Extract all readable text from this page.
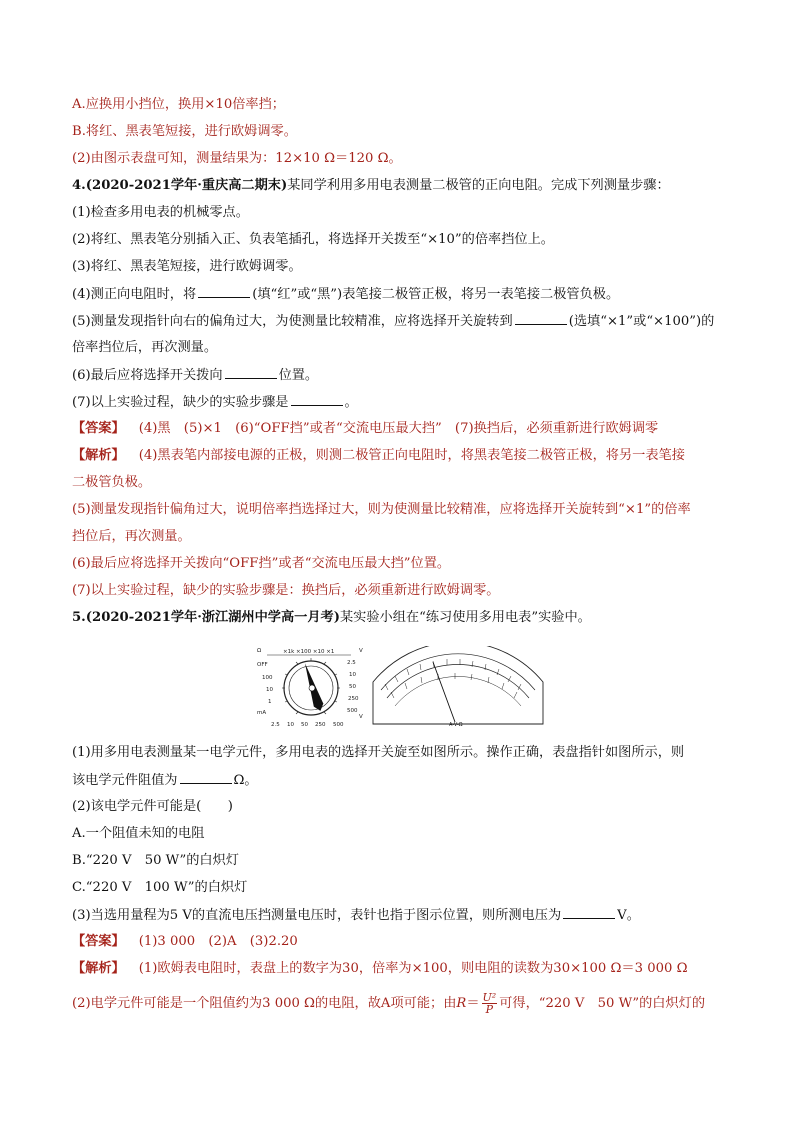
A.应换用小挡位，换用×10倍率挡；
B.将红、黑表笔短接，进行欧姆调零。
(2)由图示表盘可知，测量结果为：12×10 Ω＝120 Ω。
4.(2020-2021学年·重庆高二期末)某同学利用多用电表测量二极管的正向电阻。完成下列测量步骤：
(1)检查多用电表的机械零点。
(2)将红、黑表笔分别插入正、负表笔插孔，将选择开关拨至“×10”的倍率挡位上。
(3)将红、黑表笔短接，进行欧姆调零。
(4)测正向电阻时，将	(填“红”或“黑”)表笔接二极管正极，将另一表笔接二极管负极。
(5)测量发现指针向右的偏角过大，为使测量比较精准，应将选择开关旋转到	(选填“×1”或“×100”)的
倍率挡位后，再次测量。
(6)最后应将选择开关拨向	位置。
(7)以上实验过程，缺少的实验步骤是	。
【答案】 (4)黑　(5)×1　(6)“OFF挡”或者“交流电压最大挡”　(7)换挡后，必须重新进行欧姆调零
【解析】 (4)黑表笔内部接电源的正极，则测二极管正向电阻时，将黑表笔接二极管正极，将另一表笔接
二极管负极。
(5)测量发现指针偏角过大，说明倍率挡选择过大，则为使测量比较精准，应将选择开关旋转到“×1”的倍率
挡位后，再次测量。
(6)最后应将选择开关拨向“OFF挡”或者“交流电压最大挡”位置。
(7)以上实验过程，缺少的实验步骤是：换挡后，必须重新进行欧姆调零。
5.(2020-2021学年·浙江湖州中学高一月考)某实验小组在“练习使用多用电表”实验中。
Ω	×1k ×100 ×10 ×1	V
OFF
100
10
1
mA
2.5
10
50
250
500
V
2.5 10 50 250 500	A-V-Ω
(1)用多用电表测量某一电学元件，多用电表的选择开关旋至如图所示。操作正确，表盘指针如图所示，则
该电学元件阻值为	Ω。
(2)该电学元件可能是(　　)
A.一个阻值未知的电阻
B.“220 V　50 W”的白炽灯
C.“220 V　100 W”的白炽灯
(3)当选用量程为5 V的直流电压挡测量电压时，表针也指于图示位置，则所测电压为	V。
【答案】 (1)3 000　(2)A　(3)2.20
【解析】 (1)欧姆表电阻时，表盘上的数字为30，倍率为×100，则电阻的读数为30×100 Ω＝3 000 Ω
(2)电学元件可能是一个阻值约为3 000 Ω的电阻，故A项可能；由$R= \frac{\text{U²}}{P}$ 可得，“220 V　50 W”的白炽灯的
